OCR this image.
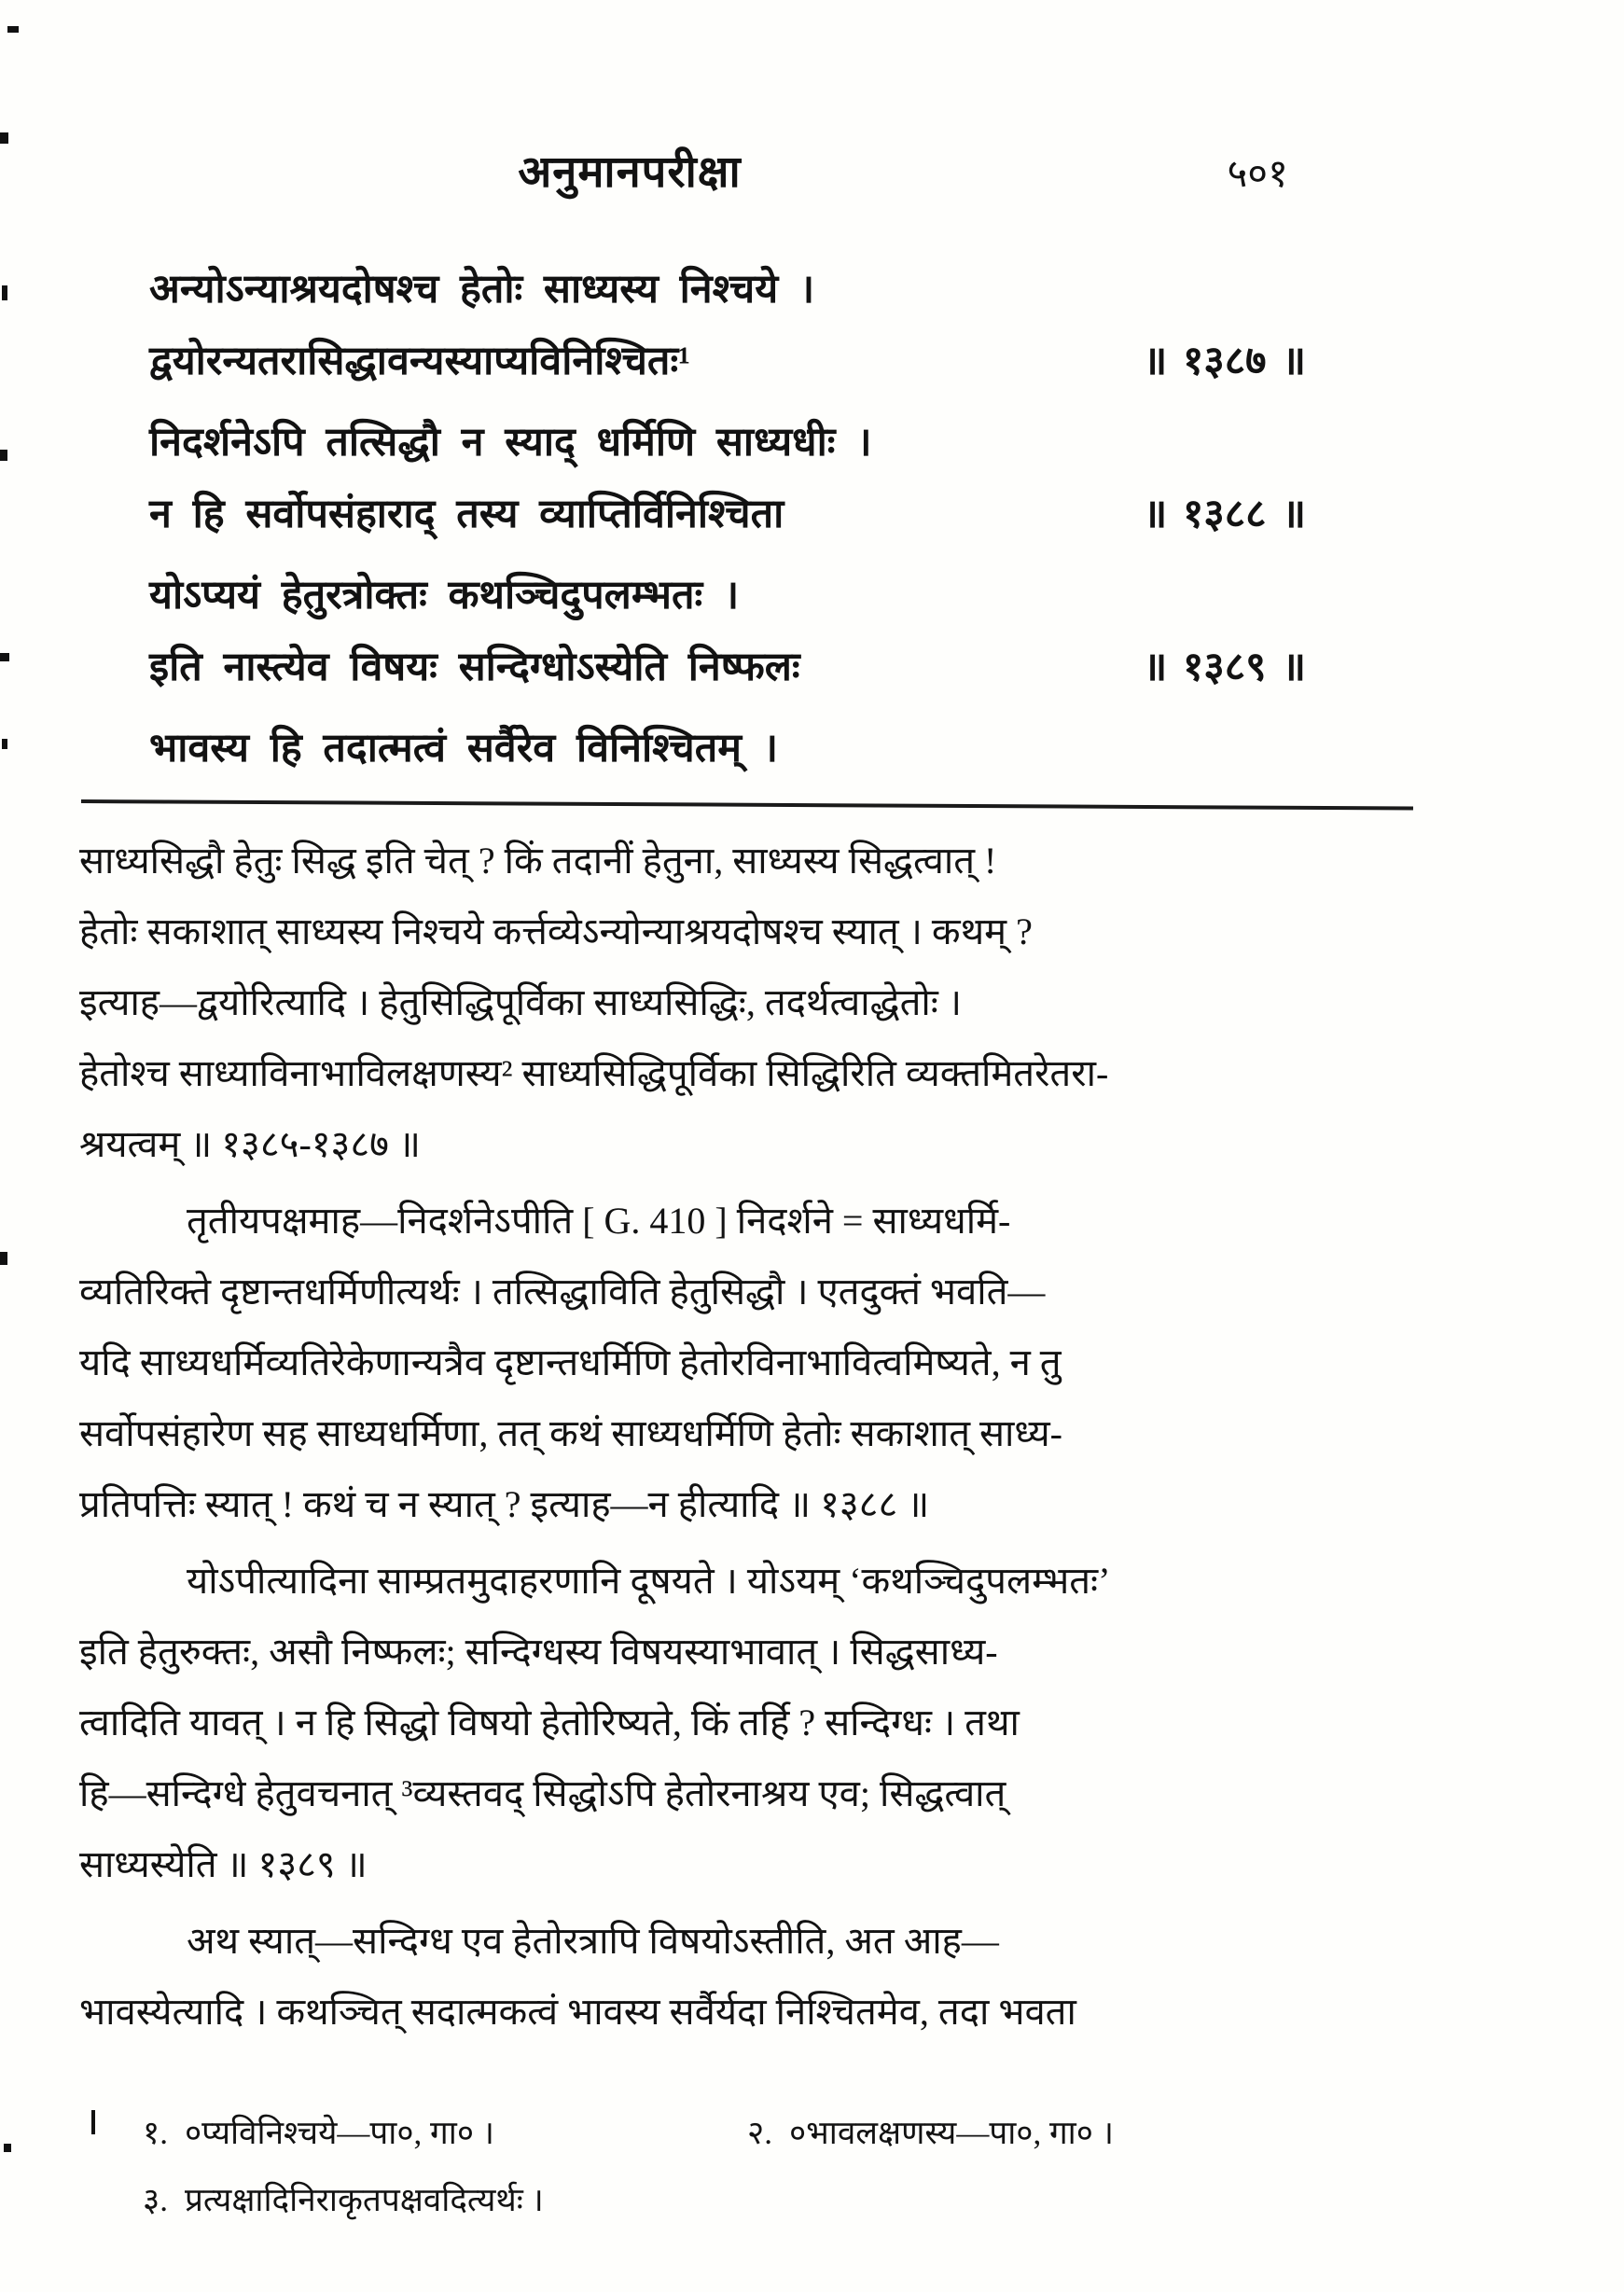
अनुमानपरीक्षा	५०१
अन्योऽन्याश्रयदोषश्च हेतोः साध्यस्य निश्चये ।
द्वयोरन्यतरासिद्धावन्यस्याप्यविनिश्चितः¹	॥ १३८७ ॥
निदर्शनेऽपि तत्सिद्धौ न स्याद् धर्मिणि साध्यधीः ।
न हि सर्वोपसंहाराद् तस्य व्याप्तिर्विनिश्चिता	॥ १३८८ ॥
योऽप्ययं हेतुरत्रोक्तः कथञ्चिदुपलम्भतः ।
इति नास्त्येव विषयः सन्दिग्धोऽस्येति निष्फलः	॥ १३८९ ॥
भावस्य हि तदात्मत्वं सर्वैरेव विनिश्चितम् ।
साध्यसिद्धौ हेतुः सिद्ध इति चेत् ? किं तदानीं हेतुना, साध्यस्य सिद्धत्वात् !
हेतोः सकाशात् साध्यस्य निश्चये कर्त्तव्येऽन्योन्याश्रयदोषश्च स्यात् । कथम् ?
इत्याह—द्वयोरित्यादि । हेतुसिद्धिपूर्विका साध्यसिद्धिः, तदर्थत्वाद्धेतोः ।
हेतोश्च साध्याविनाभाविलक्षणस्य² साध्यसिद्धिपूर्विका सिद्धिरिति व्यक्तमितरेतरा-
श्रयत्वम् ॥ १३८५-१३८७ ॥
तृतीयपक्षमाह—निदर्शनेऽपीति [ G. 410 ] निदर्शने = साध्यधर्मि-
व्यतिरिक्ते दृष्टान्तधर्मिणीत्यर्थः । तत्सिद्धाविति हेतुसिद्धौ । एतदुक्तं भवति—
यदि साध्यधर्मिव्यतिरेकेणान्यत्रैव दृष्टान्तधर्मिणि हेतोरविनाभावित्वमिष्यते, न तु
सर्वोपसंहारेण सह साध्यधर्मिणा, तत् कथं साध्यधर्मिणि हेतोः सकाशात् साध्य-
प्रतिपत्तिः स्यात् ! कथं च न स्यात् ? इत्याह—न हीत्यादि ॥ १३८८ ॥
योऽपीत्यादिना साम्प्रतमुदाहरणानि दूषयते । योऽयम् ‘कथञ्चिदुपलम्भतः’
इति हेतुरुक्तः, असौ निष्फलः; सन्दिग्धस्य विषयस्याभावात् । सिद्धसाध्य-
त्वादिति यावत् । न हि सिद्धो विषयो हेतोरिष्यते, किं तर्हि ? सन्दिग्धः । तथा
हि—सन्दिग्धे हेतुवचनात् ³व्यस्तवद् सिद्धोऽपि हेतोरनाश्रय एव; सिद्धत्वात्
साध्यस्येति ॥ १३८९ ॥
अथ स्यात्—सन्दिग्ध एव हेतोरत्रापि विषयोऽस्तीति, अत आह—
भावस्येत्यादि । कथञ्चित् सदात्मकत्वं भावस्य सर्वैर्यदा निश्चितमेव, तदा भवता
१. ०प्यविनिश्चये—पा०, गा० ।	२. ०भावलक्षणस्य—पा०, गा० ।
३. प्रत्यक्षादिनिराकृतपक्षवदित्यर्थः ।
